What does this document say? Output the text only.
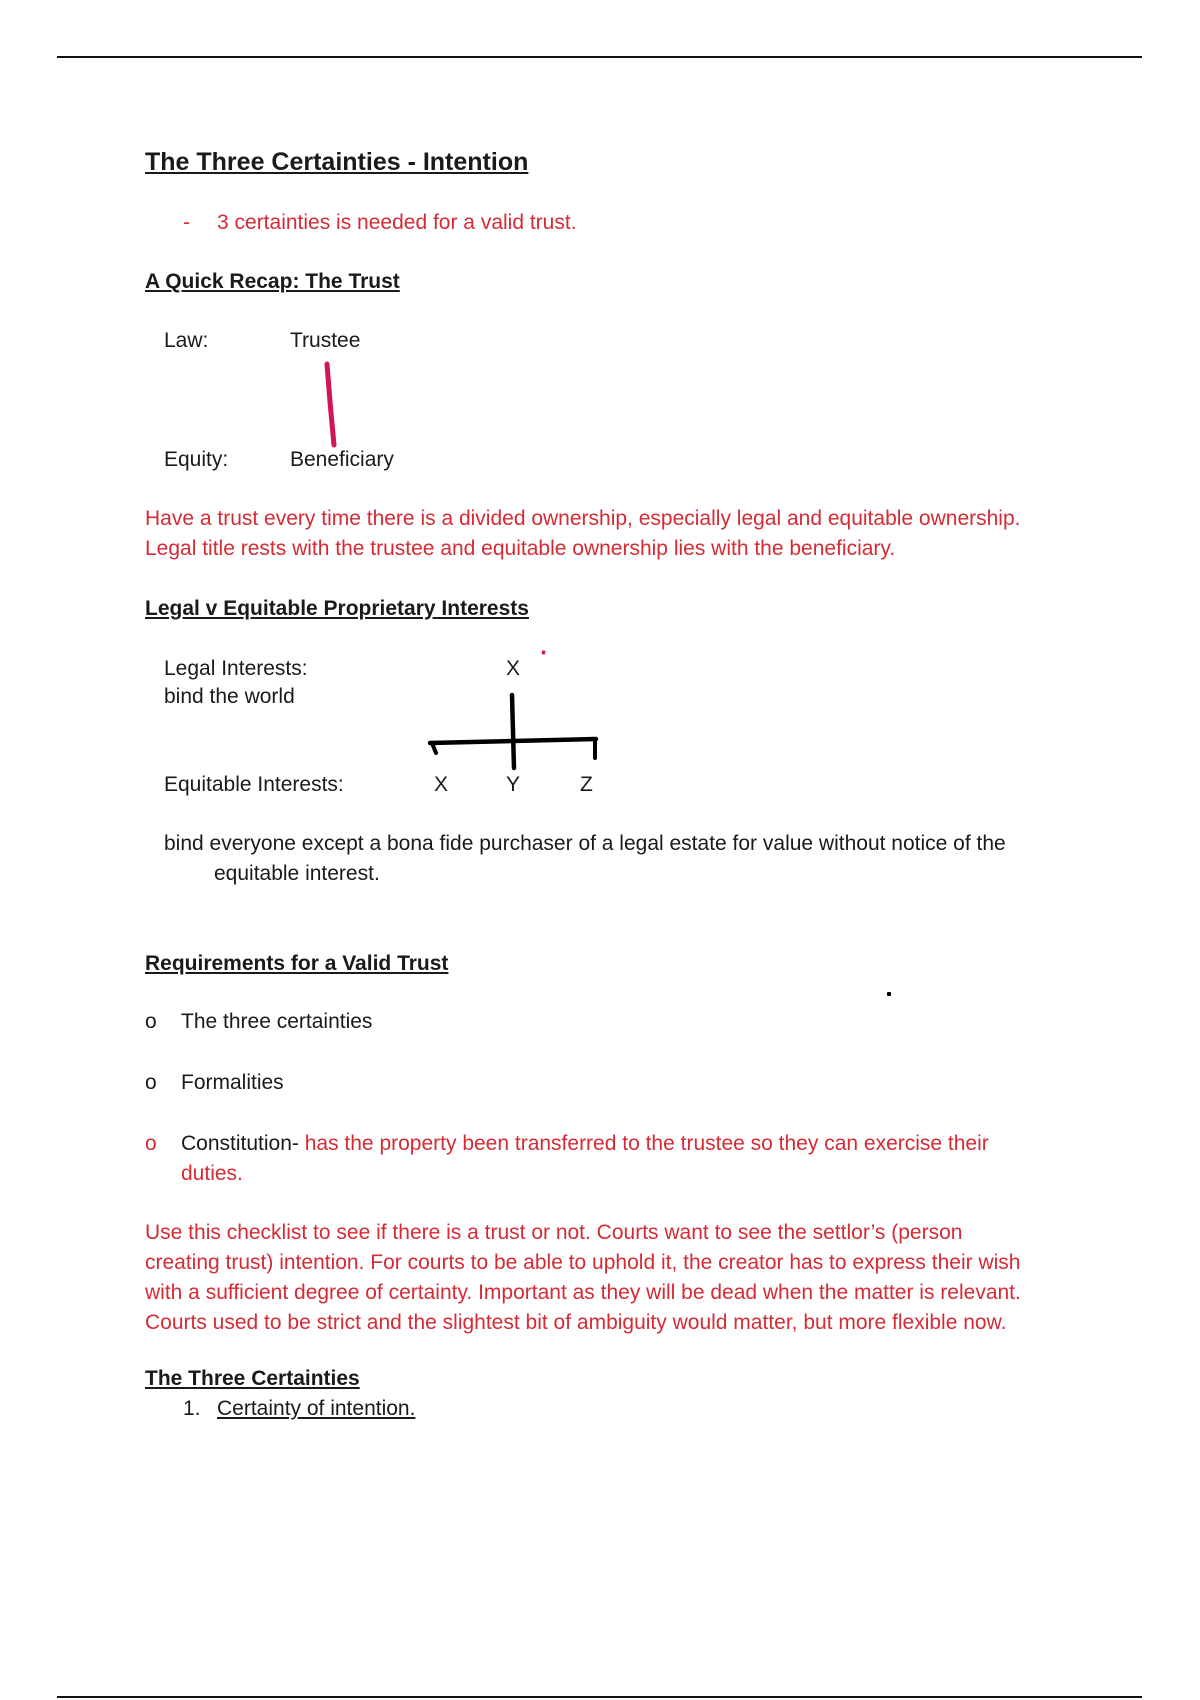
The Three Certainties - Intention
- 3 certainties is needed for a valid trust.
A Quick Recap: The Trust
Law:	Trustee
Equity:	Beneficiary
Have a trust every time there is a divided ownership, especially legal and equitable ownership.
Legal title rests with the trustee and equitable ownership lies with the beneficiary.
Legal v Equitable Proprietary Interests
Legal Interests:
bind the world
X
Equitable Interests:	X	Y	Z
bind everyone except a bona fide purchaser of a legal estate for value without notice of the
equitable interest.
Requirements for a Valid Trust
o The three certainties
o Formalities
o Constitution- has the property been transferred to the trustee so they can exercise their
duties.
Use this checklist to see if there is a trust or not. Courts want to see the settlor’s (person
creating trust) intention. For courts to be able to uphold it, the creator has to express their wish
with a sufficient degree of certainty. Important as they will be dead when the matter is relevant.
Courts used to be strict and the slightest bit of ambiguity would matter, but more flexible now.
The Three Certainties
1. Certainty of intention.
